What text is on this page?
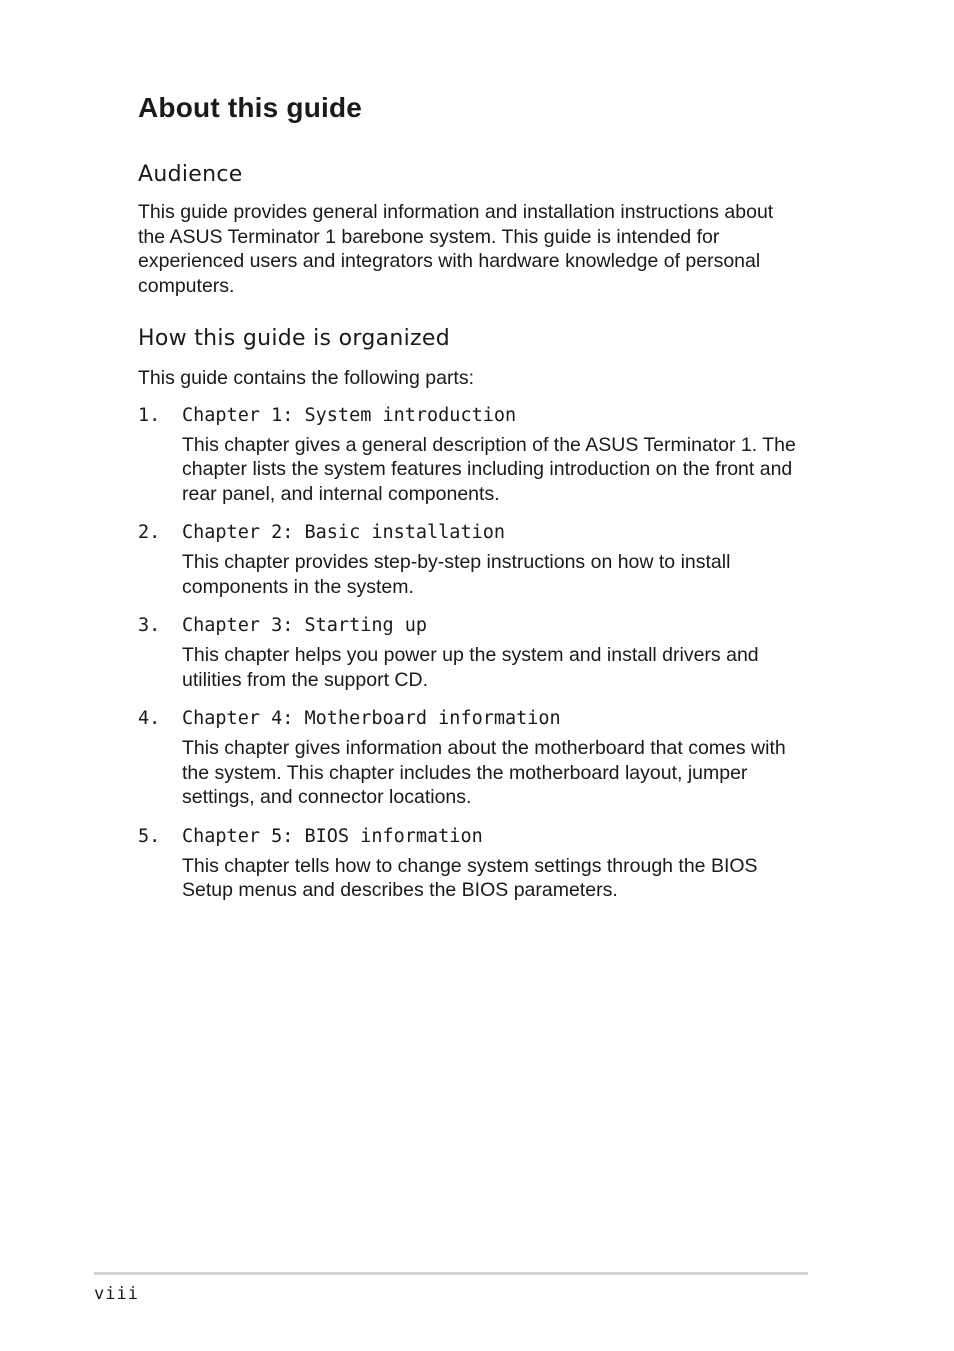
About this guide
Audience

This guide provides general information and installation instructions about the ASUS Terminator 1 barebone system. This guide is intended for experienced users and integrators with hardware knowledge of personal computers.

How this guide is organized

This guide contains the following parts:

1.	Chapter 1: System introduction
This chapter gives a general description of the ASUS Terminator 1. The chapter lists the system features including introduction on the front and rear panel, and internal components.
2.	Chapter 2: Basic installation
This chapter provides step-by-step instructions on how to install components in the system.
3.	Chapter 3: Starting up
This chapter helps you power up the system and install drivers and utilities from the support CD.
4.	Chapter 4: Motherboard information
This chapter gives information about the motherboard that comes with the system. This chapter includes the motherboard layout, jumper settings, and connector locations.
5.	Chapter 5: BIOS information
This chapter tells how to change system settings through the BIOS Setup menus and describes the BIOS parameters.
viii
